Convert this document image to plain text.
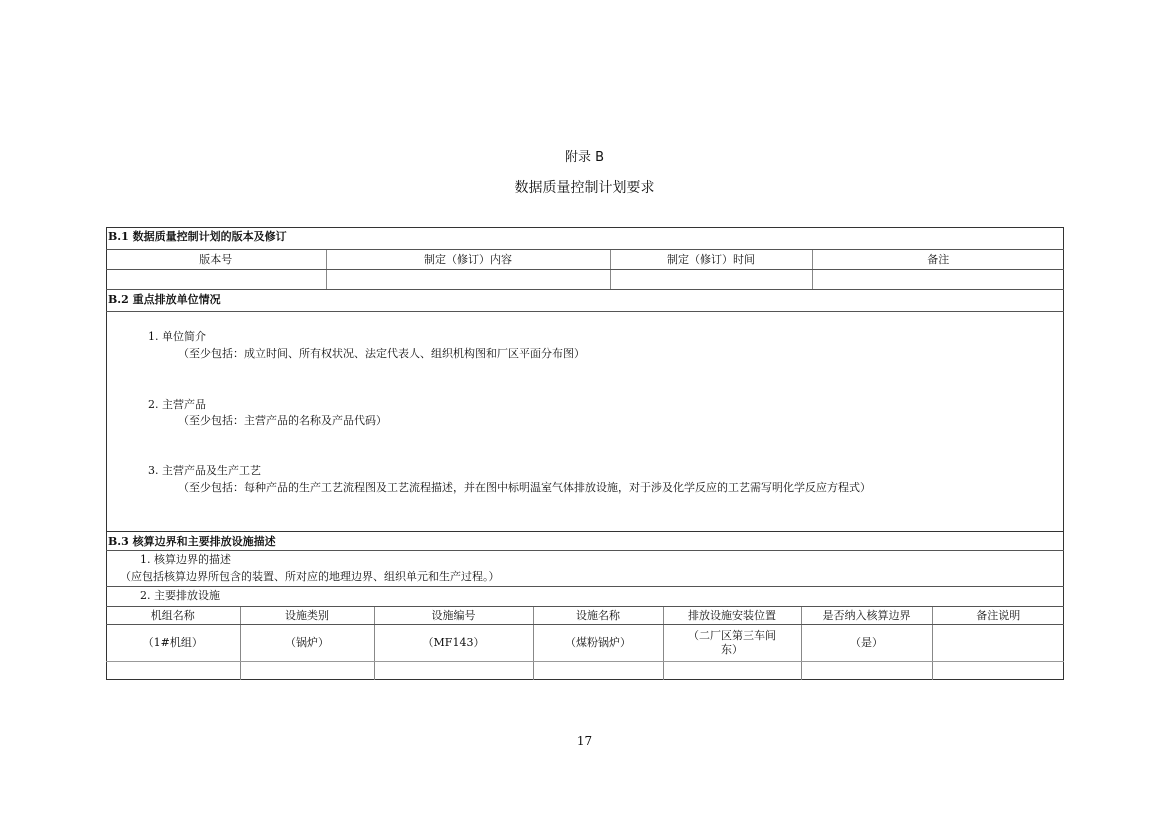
附录 B
数据质量控制计划要求
B.1 数据质量控制计划的版本及修订
版本号	制定（修订）内容	制定（修订）时间	备注

B.2 重点排放单位情况
1. 单位简介
（至少包括：成立时间、所有权状况、法定代表人、组织机构图和厂区平面分布图）
2. 主营产品
（至少包括：主营产品的名称及产品代码）
3. 主营产品及生产工艺
（至少包括：每种产品的生产工艺流程图及工艺流程描述，并在图中标明温室气体排放设施，对于涉及化学反应的工艺需写明化学反应方程式）
B.3 核算边界和主要排放设施描述
1. 核算边界的描述
（应包括核算边界所包含的装置、所对应的地理边界、组织单元和生产过程。）
2. 主要排放设施
机组名称	设施类别	设施编号	设施名称	排放设施安装位置	是否纳入核算边界	备注说明
（1#机组）	（锅炉）	（MF143）	（煤粉锅炉）	（二厂区第三车间东）	（是）	

17
